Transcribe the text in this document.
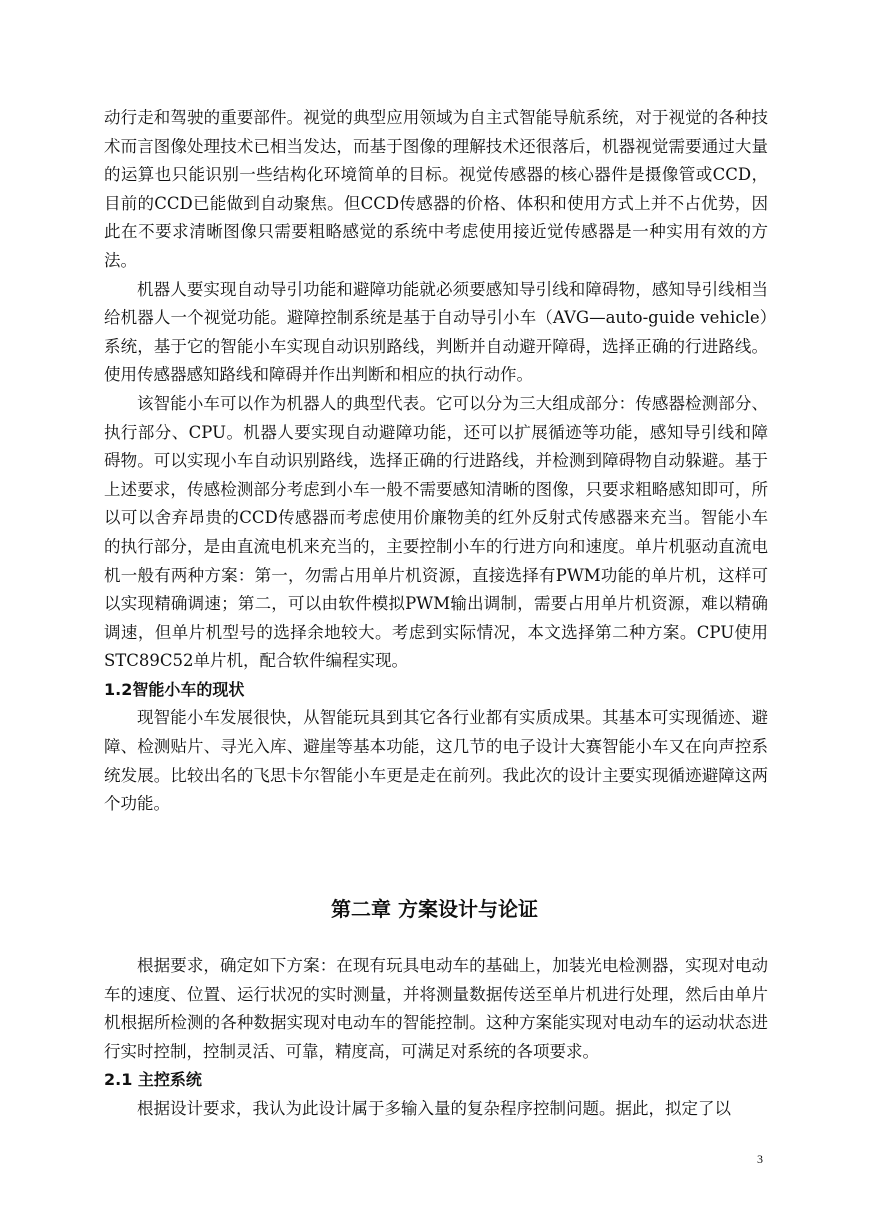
动行走和驾驶的重要部件。视觉的典型应用领域为自主式智能导航系统，对于视觉的各种技术而言图像处理技术已相当发达，而基于图像的理解技术还很落后，机器视觉需要通过大量的运算也只能识别一些结构化环境简单的目标。视觉传感器的核心器件是摄像管或CCD，目前的CCD已能做到自动聚焦。但CCD传感器的价格、体积和使用方式上并不占优势，因此在不要求清晰图像只需要粗略感觉的系统中考虑使用接近觉传感器是一种实用有效的方法。

机器人要实现自动导引功能和避障功能就必须要感知导引线和障碍物，感知导引线相当给机器人一个视觉功能。避障控制系统是基于自动导引小车（AVG—auto-guide vehicle）系统，基于它的智能小车实现自动识别路线，判断并自动避开障碍，选择正确的行进路线。使用传感器感知路线和障碍并作出判断和相应的执行动作。

该智能小车可以作为机器人的典型代表。它可以分为三大组成部分：传感器检测部分、执行部分、CPU。机器人要实现自动避障功能，还可以扩展循迹等功能，感知导引线和障碍物。可以实现小车自动识别路线，选择正确的行进路线，并检测到障碍物自动躲避。基于上述要求，传感检测部分考虑到小车一般不需要感知清晰的图像，只要求粗略感知即可，所以可以舍弃昂贵的CCD传感器而考虑使用价廉物美的红外反射式传感器来充当。智能小车的执行部分，是由直流电机来充当的，主要控制小车的行进方向和速度。单片机驱动直流电机一般有两种方案：第一，勿需占用单片机资源，直接选择有PWM功能的单片机，这样可以实现精确调速；第二，可以由软件模拟PWM输出调制，需要占用单片机资源，难以精确调速，但单片机型号的选择余地较大。考虑到实际情况，本文选择第二种方案。CPU使用STC89C52单片机，配合软件编程实现。

1.2智能小车的现状

现智能小车发展很快，从智能玩具到其它各行业都有实质成果。其基本可实现循迹、避障、检测贴片、寻光入库、避崖等基本功能，这几节的电子设计大赛智能小车又在向声控系统发展。比较出名的飞思卡尔智能小车更是走在前列。我此次的设计主要实现循迹避障这两个功能。

第二章 方案设计与论证

根据要求，确定如下方案：在现有玩具电动车的基础上，加装光电检测器，实现对电动车的速度、位置、运行状况的实时测量，并将测量数据传送至单片机进行处理，然后由单片机根据所检测的各种数据实现对电动车的智能控制。这种方案能实现对电动车的运动状态进行实时控制，控制灵活、可靠，精度高，可满足对系统的各项要求。

2.1 主控系统

根据设计要求，我认为此设计属于多输入量的复杂程序控制问题。据此，拟定了以

3
